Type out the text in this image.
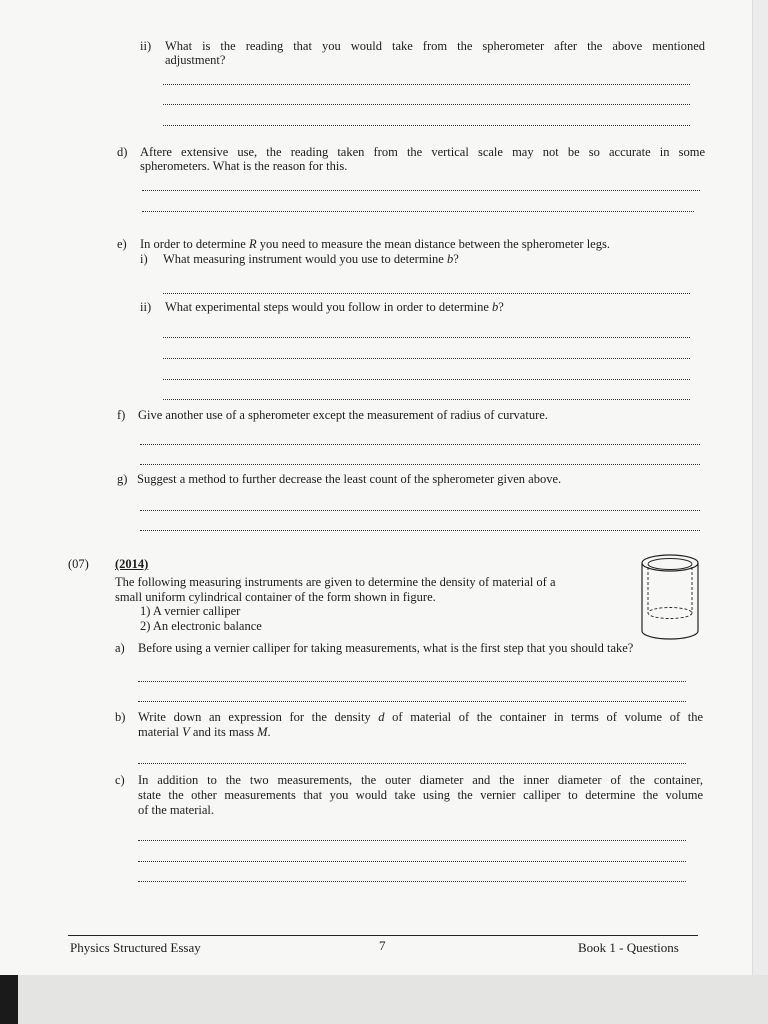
ii) What is the reading that you would take from the spherometer after the above mentioned
adjustment?
d) Aftere extensive use, the reading taken from the vertical scale may not be so accurate in some
spherometers. What is the reason for this.
e) In order to determine R you need to measure the mean distance between the spherometer legs.
i) What measuring instrument would you use to determine b?
ii) What experimental steps would you follow in order to determine b?
f) Give another use of a spherometer except the measurement of radius of curvature.
g) Suggest a method to further decrease the least count of the spherometer given above.
(07) (2014)
The following measuring instruments are given to determine the density of material of a
small uniform cylindrical container of the form shown in figure.
1) A vernier calliper
2) An electronic balance
a) Before using a vernier calliper for taking measurements, what is the first step that you should take?
b) Write down an expression for the density d of material of the container in terms of volume of the
material V and its mass M.
c) In addition to the two measurements, the outer diameter and the inner diameter of the container,
state the other measurements that you would take using the vernier calliper to determine the volume
of the material.
Physics Structured Essay	7	Book 1 - Questions
